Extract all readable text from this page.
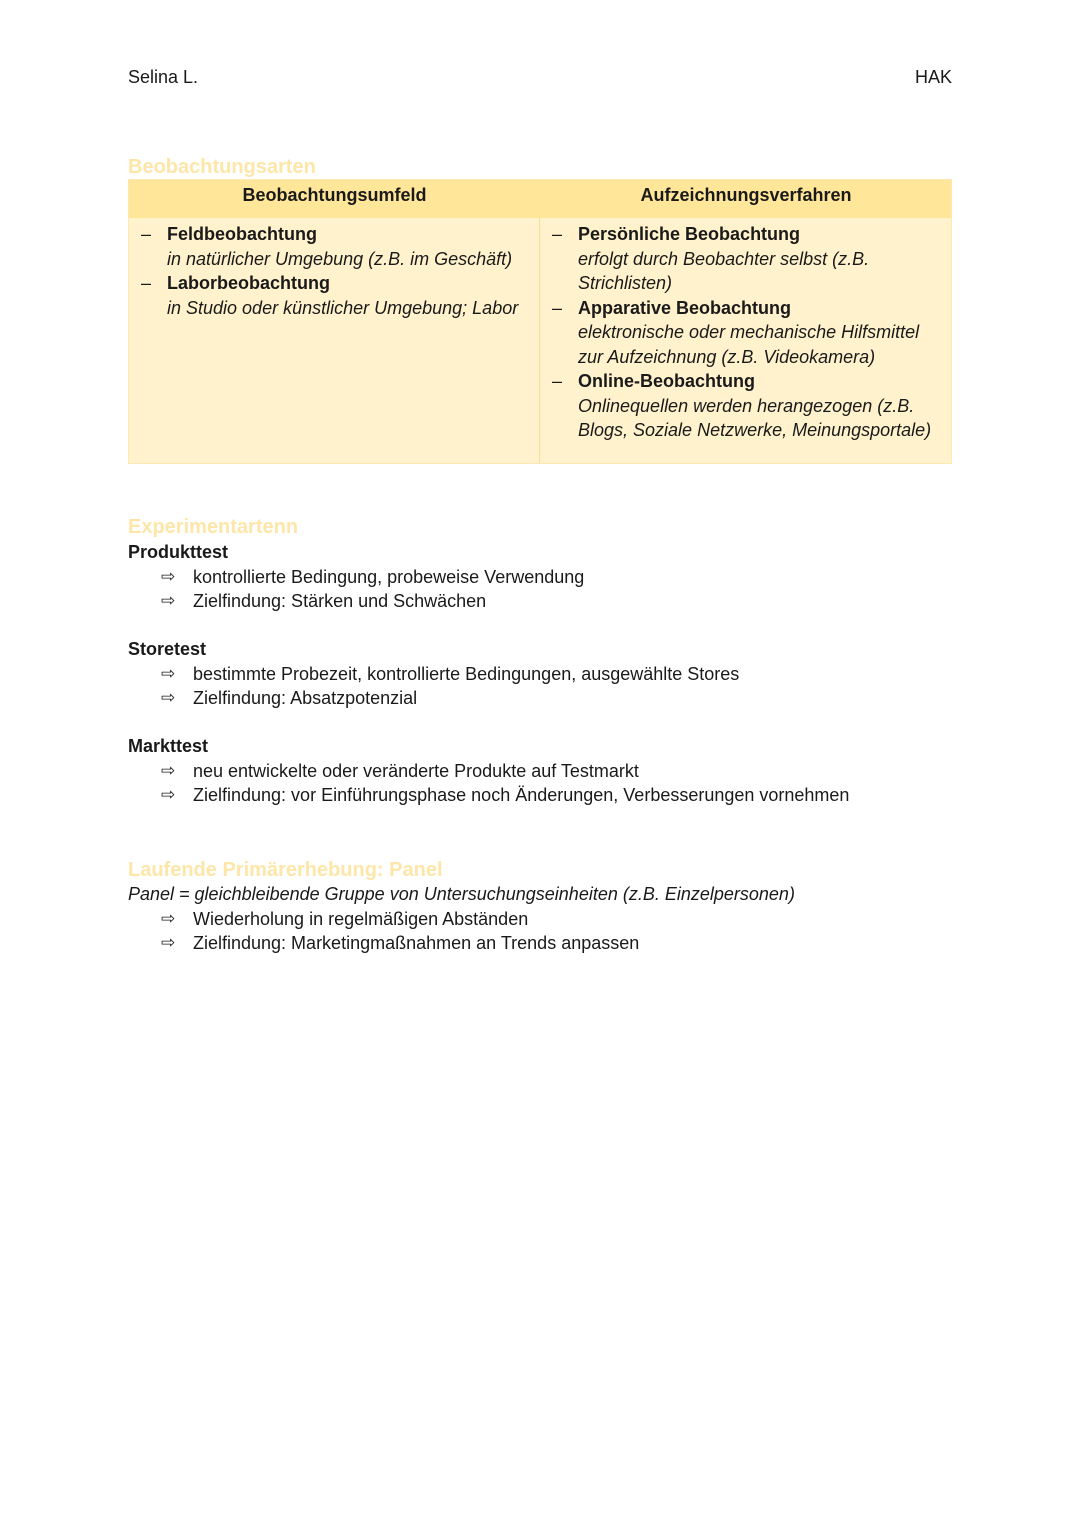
Selina L.	HAK
Beobachtungsarten
Beobachtungsumfeld	Aufzeichnungsverfahren
– Feldbeobachtung
in natürlicher Umgebung (z.B. im Geschäft)
– Laborbeobachtung
in Studio oder künstlicher Umgebung; Labor
– Persönliche Beobachtung
erfolgt durch Beobachter selbst (z.B. Strichlisten)
– Apparative Beobachtung
elektronische oder mechanische Hilfsmittel zur Aufzeichnung (z.B. Videokamera)
– Online-Beobachtung
Onlinequellen werden herangezogen (z.B. Blogs, Soziale Netzwerke, Meinungsportale)
Experimentartenn
Produkttest
⇨ kontrollierte Bedingung, probeweise Verwendung
⇨ Zielfindung: Stärken und Schwächen
Storetest
⇨ bestimmte Probezeit, kontrollierte Bedingungen, ausgewählte Stores
⇨ Zielfindung: Absatzpotenzial
Markttest
⇨ neu entwickelte oder veränderte Produkte auf Testmarkt
⇨ Zielfindung: vor Einführungsphase noch Änderungen, Verbesserungen vornehmen
Laufende Primärerhebung: Panel
Panel = gleichbleibende Gruppe von Untersuchungseinheiten (z.B. Einzelpersonen)
⇨ Wiederholung in regelmäßigen Abständen
⇨ Zielfindung: Marketingmaßnahmen an Trends anpassen
